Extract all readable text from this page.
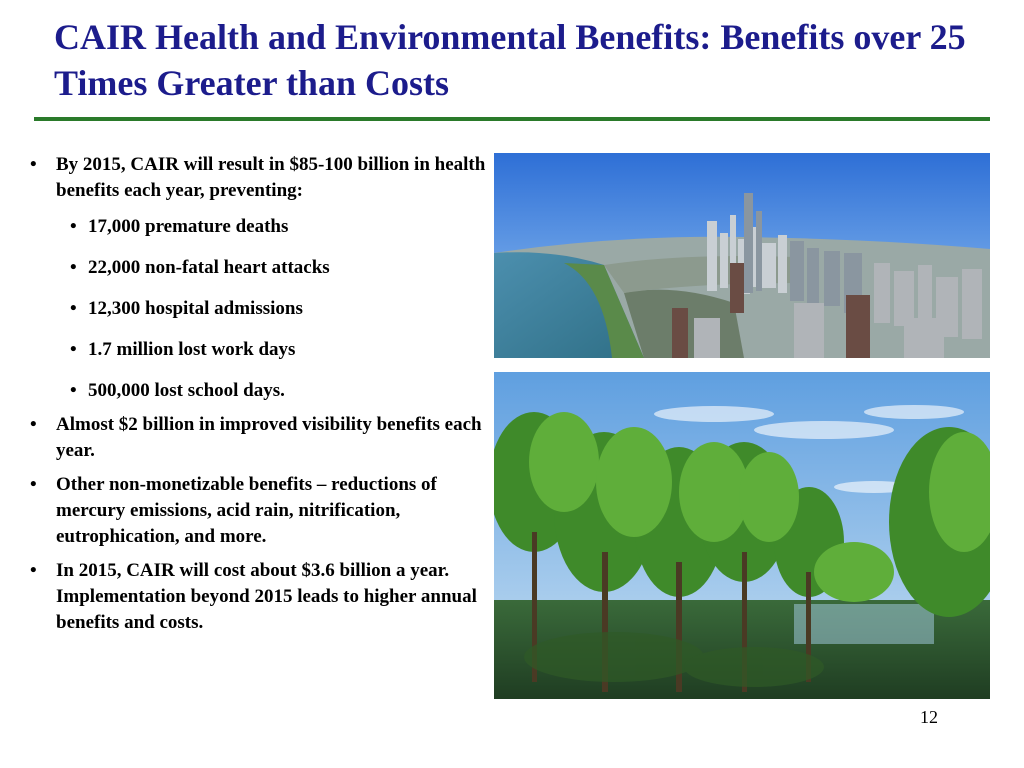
CAIR Health and Environmental Benefits: Benefits over 25 Times Greater than Costs
• By 2015, CAIR will result in $85-100 billion in health benefits each year, preventing:
• 17,000 premature deaths
• 22,000 non-fatal heart attacks
• 12,300 hospital admissions
• 1.7 million lost work days
• 500,000 lost school days.
• Almost $2 billion in improved visibility benefits each year.
• Other non-monetizable benefits – reductions of mercury emissions, acid rain, nitrification, eutrophication, and more.
• In 2015, CAIR will cost about $3.6 billion a year. Implementation beyond 2015 leads to higher annual benefits and costs.
12
